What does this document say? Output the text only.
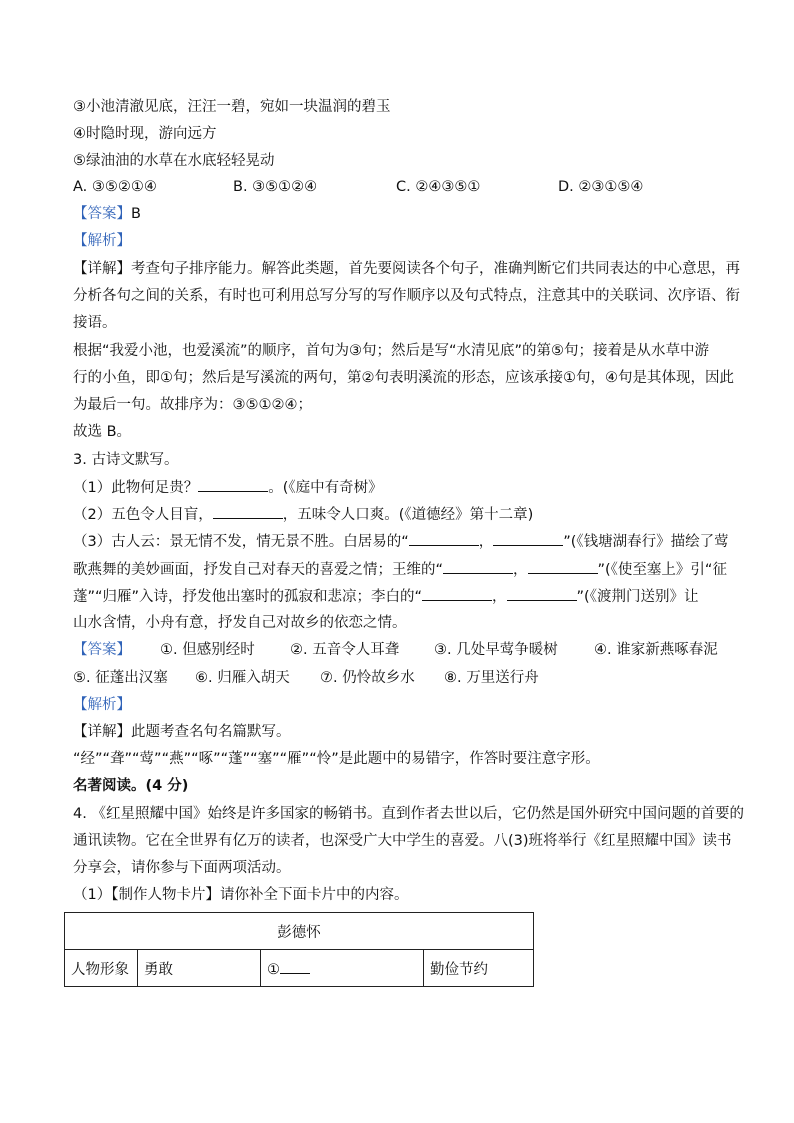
③小池清澈见底，汪汪一碧，宛如一块温润的碧玉
④时隐时现，游向远方
⑤绿油油的水草在水底轻轻晃动
A. ③⑤②①④	B. ③⑤①②④	C. ②④③⑤①	D. ②③①⑤④
【答案】B
【解析】
【详解】考查句子排序能力。解答此类题，首先要阅读各个句子，准确判断它们共同表达的中心意思，再
分析各句之间的关系，有时也可利用总写分写的写作顺序以及句式特点，注意其中的关联词、次序语、衔
接语。
根据“我爱小池，也爱溪流”的顺序，首句为③句；然后是写“水清见底”的第⑤句；接着是从水草中游
行的小鱼，即①句；然后是写溪流的两句，第②句表明溪流的形态，应该承接①句，④句是其体现，因此
为最后一句。故排序为：③⑤①②④；
故选 B。
3. 古诗文默写。
（1）此物何足贵？	。(《庭中有奇树》
（2）五色令人目盲，	，五味令人口爽。(《道德经》第十二章)
（3）古人云：景无情不发，情无景不胜。白居易的“	，	”(《钱塘湖春行》描绘了莺
歌燕舞的美妙画面，抒发自己对春天的喜爱之情；王维的“	，	”(《使至塞上》引“征
蓬”“归雁”入诗，抒发他出塞时的孤寂和悲凉；李白的“	，	”(《渡荆门送别》让
山水含情，小舟有意，抒发自己对故乡的依恋之情。
【答案】 ①. 但感别经时 ②. 五音令人耳聋 ③. 几处早莺争暖树	④. 谁家新燕啄春泥
⑤. 征蓬出汉塞 ⑥. 归雁入胡天 ⑦. 仍怜故乡水 ⑧. 万里送行舟
【解析】
【详解】此题考查名句名篇默写。
“经”“聋”“莺”“燕”“啄”“蓬”“塞”“雁”“怜”是此题中的易错字，作答时要注意字形。
名著阅读。(4 分)
4. 《红星照耀中国》始终是许多国家的畅销书。直到作者去世以后，它仍然是国外研究中国问题的首要的
通讯读物。它在全世界有亿万的读者，也深受广大中学生的喜爱。八(3)班将举行《红星照耀中国》读书
分享会，请你参与下面两项活动。
（1）【制作人物卡片】请你补全下面卡片中的内容。
彭德怀
人物形象	勇敢	①	勤俭节约
